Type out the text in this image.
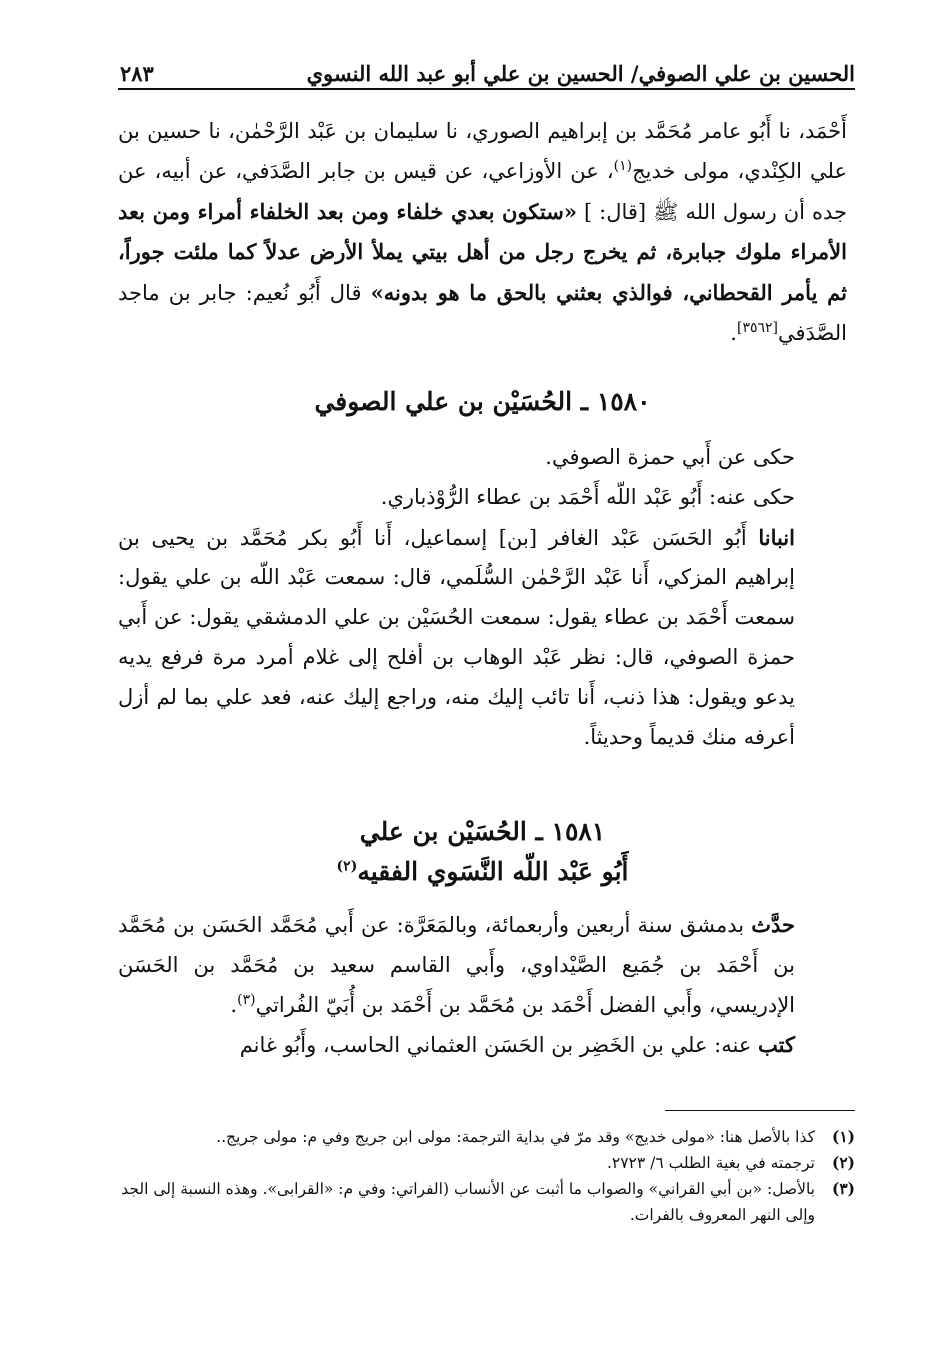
الحسين بن علي الصوفي/ الحسين بن علي أبو عبد الله النسوي
٢٨٣
أَحْمَد، نا أَبُو عامر مُحَمَّد بن إبراهيم الصوري، نا سليمان بن عَبْد الرَّحْمٰن، نا حسين بن علي الكِنْدي، مولى خديج$^{(١)}$، عن الأوزاعي، عن قيس بن جابر الصَّدَفي، عن أبيه، عن جده أن رسول الله ﷺ [قال: ] «ستكون بعدي خلفاء ومن بعد الخلفاء أمراء ومن بعد الأمراء ملوك جبابرة، ثم يخرج رجل من أهل بيتي يملأ الأرض عدلاً كما ملئت جوراً، ثم يأمر القحطاني، فوالذي بعثني بالحق ما هو بدونه» قال أَبُو نُعيم: جابر بن ماجد الصَّدَفي[٣٥٦٢].
١٥٨٠ ـ الحُسَيْن بن علي الصوفي
حكى عن أَبي حمزة الصوفي.
حكى عنه: أَبُو عَبْد اللّه أَحْمَد بن عطاء الرُّوْذباري.
انبانا أَبُو الحَسَن عَبْد الغافر [بن] إسماعيل، أَنا أَبُو بكر مُحَمَّد بن يحيى بن إبراهيم المزكي، أَنا عَبْد الرَّحْمٰن السُّلَمي، قال: سمعت عَبْد اللّه بن علي يقول: سمعت أَحْمَد بن عطاء يقول: سمعت الحُسَيْن بن علي الدمشقي يقول: عن أَبي حمزة الصوفي، قال: نظر عَبْد الوهاب بن أفلح إلى غلام أمرد مرة فرفع يديه يدعو ويقول: هذا ذنب، أَنا تائب إليك منه، وراجع إليك عنه، فعد علي بما لم أزل أعرفه منك قديماً وحديثاً.
١٥٨١ ـ الحُسَيْن بن علي
أَبُو عَبْد اللّه النَّسَوي الفقيه$^{(٢)}$
حدَّث بدمشق سنة أربعين وأربعمائة، وبالمَعَرَّة: عن أَبي مُحَمَّد الحَسَن بن مُحَمَّد بن أَحْمَد بن جُمَيع الصَّيْداوي، وأَبي القاسم سعيد بن مُحَمَّد بن الحَسَن الإدريسي، وأَبي الفضل أَحْمَد بن مُحَمَّد بن أَحْمَد بن أُبَيّ الفُراتي$^{(٣)}$.
كتب عنه: علي بن الخَضِر بن الحَسَن العثماني الحاسب، وأَبُو غانم
(١)
كذا بالأصل هنا: «مولى خديج» وقد مرّ في بداية الترجمة: مولى ابن جريج وفي م: مولى جريج..
(٢)
ترجمته في بغية الطلب ٦/ ٢٧٢٣.
(٣)
بالأصل: «بن أبي القراني» والصواب ما أثبت عن الأنساب (الفراتي: وفي م: «القرابى». وهذه النسبة إلى الجد وإلى النهر المعروف بالفرات.
